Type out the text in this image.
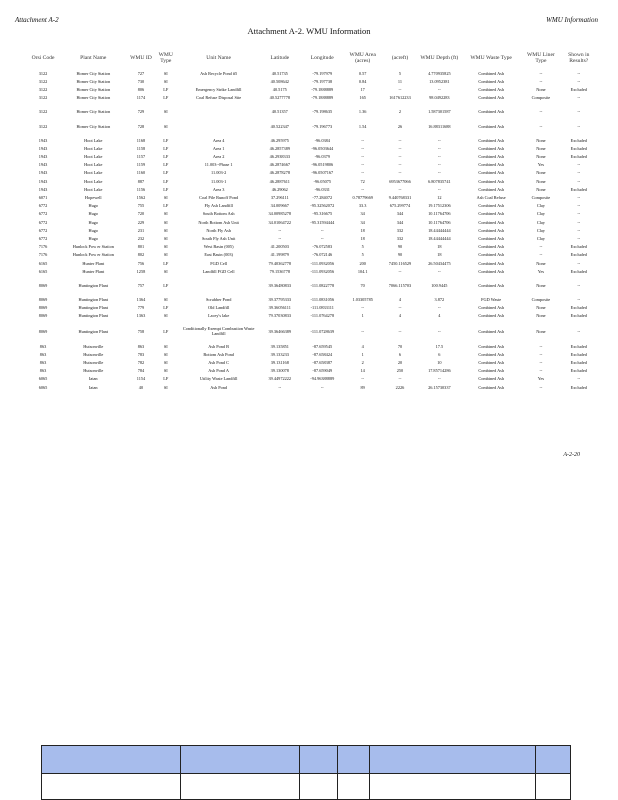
Attachment A-2	WMU Information
Attachment A-2. WMU Information
Orsi Code	Plant Name	WMU ID	WMU Type	Unit Name	Latitude	Longitude	WMU Area (acres)	(acreft)	WMU Depth (ft)	WMU Waste Type	WMU Liner Type	Shown in Results?
3122	Homer City Station	727	SI	Ash Recycle Pond #5	40.51735	-79.197979	0.57	5	4.770935825	Combined Ash	--	--
3122	Homer City Station	730	SI		40.508642	-79.197738	0.84	11	13.0952381	Combined Ash	--	--
3122	Homer City Station	806	LF	Emergency Strike Landfill	40.5175	-79.1888889	17	--	--	Combined Ash	None	Excluded
3122	Homer City Station	1174	LF	Coal Refuse Disposal Site	40.5277778	-79.1888889	165	1617612233	98.0492283	Combined Ash	Composite	--

3122	Homer City Station	729	SI		40.51357	-79.198635	1.36	2	1.587301587	Combined Ash	--	--

3122	Homer City Station	728	SI		40.522347	-79.196773	1.54	26	16.88311688	Combined Ash	--	--

1943	Hoot Lake	1168	LF	Area 4	46.295975	-96.0384	--	--	--	Combined Ash	None	Excluded
1943	Hoot Lake	1158	LF	Area 1	46.2857389	-96.0503644	--	--	--	Combined Ash	None	Excluded
1943	Hoot Lake	1157	LF	Area 2	46.2938333	-96.0379	--	--	--	Combined Ash	None	Excluded
1943	Hoot Lake	1159	LF	11.003--Phase 1	46.2874667	-96.0519806	--	--	--	Combined Ash	Yes	--
1943	Hoot Lake	1160	LF	11.003-2	46.2878278	-96.0507167	--	--	--	Combined Ash	None	--
1943	Hoot Lake	887	LF	11.003-1	46.2887611	-96.05075	72	6953677066	6.807835741	Combined Ash	None	--
1943	Hoot Lake	1156	LF	Area 3	46.29062	-96.0331	--	--	--	Combined Ash	None	Excluded
6071	Hopewell	1562	SI	Coal Pile Runoff Pond	37.296111	-77.284072	0.78779669	9.440768331	12	Ash Coal Refuse	Composite	--
6772	Hugo	755	LF	Fly Ash Landfill	34.009667	-95.32562072	33.3	675.299774	19.17512306	Combined Ash	Clay	--
6772	Hugo	720	SI	South Bottom Ash	34.00985278	-95.316675	34	344	10.11764706	Combined Ash	Clay	--
6772	Hugo	229	SI	North Bottom Ash Unit	34.01064722	-95.31594444	34	344	10.11764706	Combined Ash	Clay	--
6772	Hugo	231	SI	North Fly Ash	--	--	18	332	18.44444444	Combined Ash	Clay	--
6772	Hugo	232	SI	South Fly Ash Unit	--	--	18	332	18.44444444	Combined Ash	Clay	--
7176	Hunlock Pow er Station	801	SI	West Basin (005)	41.200503	-76.072583	5	90	18	Combined Ash	--	Excluded
7176	Hunlock Pow er Station	802	SI	East Basin (003)	41.199879	-76.072146	5	90	18	Combined Ash	--	Excluded
6165	Hunter Plant	756	LF	FGD Cell	79.40362778	-111.0932056	200	7450.116529	26.50434475	Combined Ash	None	--
6165	Hunter Plant	1258	SI	Landfill FGD Cell	79.1536778	-111.0932056	104.1	--	--	Combined Ash	Yes	Excluded

8069	Huntington Plant	757	LF		39.36480833	-111.0822778	70	7066.115703	100.9445	Combined Ash	None	--

8069	Huntington Plant	1364	SI	Scrubber Pond	39.37795333	-111.0831056	1.03305785	4	3.872	FGD Waste	Composite	--
8069	Huntington Plant	779	LF	Old Landfill	39.36056111	-111.0833111	--	--	--	Combined Ash	None	Excluded
8069	Huntington Plant	1363	SI	Lacey's lake	79.37030833	-111.0764278	1	4	4	Combined Ash	None	Excluded

8069	Huntington Plant	758	LF	Conditionally Exempt Combustion Waste Landfill	39.36466389	-111.0728639	--	--	--	Combined Ash	None	--

863	Hutsonville	863	SI	Ash Pond B	39.135851	-87.659545	4	70	17.5	Combined Ash	--	Excluded
863	Hutsonville	783	SI	Bottom Ash Pond	39.133233	-87.658424	1	6	6	Combined Ash	--	Excluded
863	Hutsonville	782	SI	Ash Pond C	39.131168	-87.658387	2	20	10	Combined Ash	--	Excluded
863	Hutsonville	784	SI	Ash Pond A	39.130078	-87.659049	14	250	17.85714286	Combined Ash	--	Excluded
6065	Iatan	1154	LF	Utility Waste Landfill	39.44972222	-94.96388889	--	--	--	Combined Ash	Yes	--
6065	Iatan	40	SI	Ash Pond	--	--	89	2226	26.15730337	Combined Ash	--	Excluded
A-2-20
